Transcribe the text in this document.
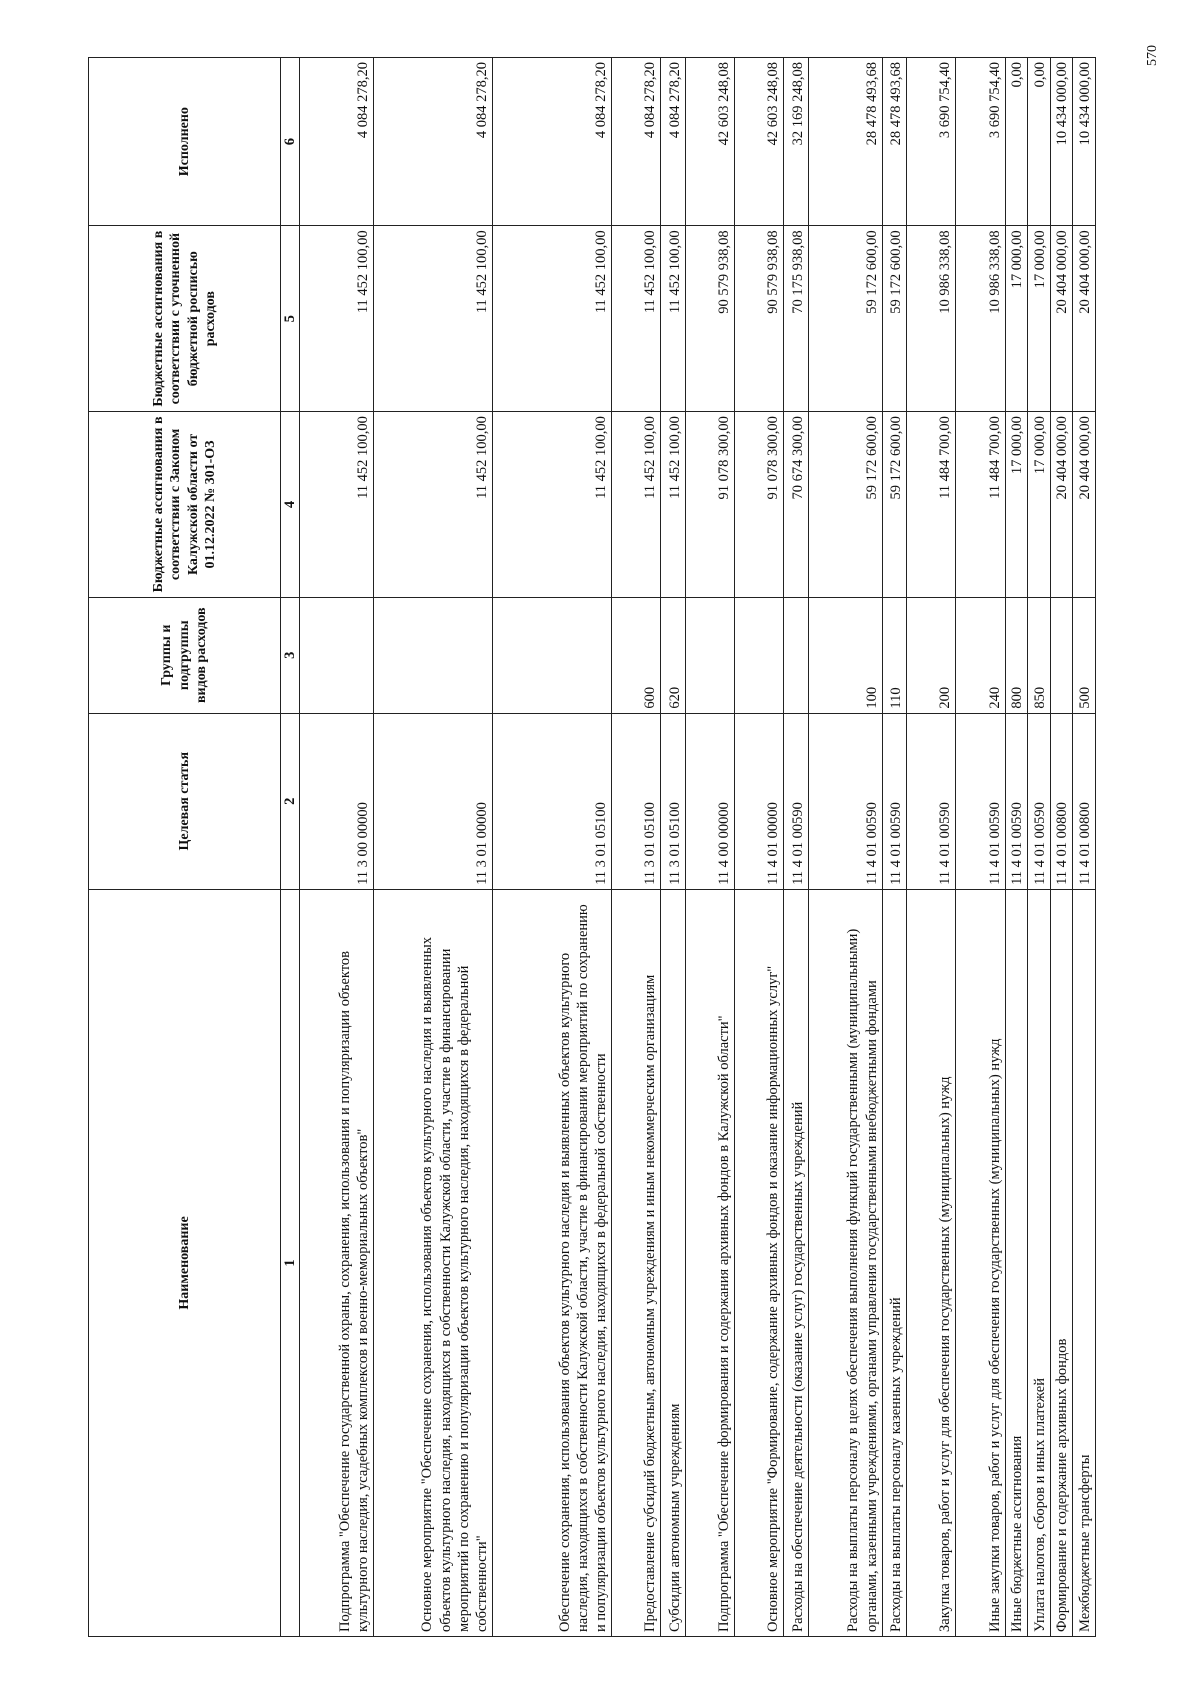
570
Наименование	Целевая статья	Группы и подгруппы видов расходов	Бюджетные ассигнования в соответствии с Законом Калужской области от 01.12.2022 № 301-ОЗ	Бюджетные ассигнования в соответствии с уточненной бюджетной росписью расходов	Исполнено
1	2	3	4	5	6
Подпрограмма "Обеспечение государственной охраны, сохранения, использования и популяризации объектов культурного наследия, усадебных комплексов и военно-мемориальных объектов"	11 3 00 00000		11 452 100,00	11 452 100,00	4 084 278,20
Основное мероприятие "Обеспечение сохранения, использования объектов культурного наследия и выявленных объектов культурного наследия, находящихся в собственности Калужской области, участие в финансировании мероприятий по сохранению и популяризации объектов культурного наследия, находящихся в федеральной собственности"	11 3 01 00000		11 452 100,00	11 452 100,00	4 084 278,20
Обеспечение сохранения, использования объектов культурного наследия и выявленных объектов культурного наследия, находящихся в собственности Калужской области, участие в финансировании мероприятий по сохранению и популяризации объектов культурного наследия, находящихся в федеральной собственности	11 3 01 05100		11 452 100,00	11 452 100,00	4 084 278,20
Предоставление субсидий бюджетным, автономным учреждениям и иным некоммерческим организациям	11 3 01 05100	600	11 452 100,00	11 452 100,00	4 084 278,20
Субсидии автономным учреждениям	11 3 01 05100	620	11 452 100,00	11 452 100,00	4 084 278,20
Подпрограмма "Обеспечение формирования и содержания архивных фондов в Калужской области"	11 4 00 00000		91 078 300,00	90 579 938,08	42 603 248,08
Основное мероприятие "Формирование, содержание архивных фондов и оказание информационных услуг"	11 4 01 00000		91 078 300,00	90 579 938,08	42 603 248,08
Расходы на обеспечение деятельности (оказание услуг) государственных учреждений	11 4 01 00590		70 674 300,00	70 175 938,08	32 169 248,08
Расходы на выплаты персоналу в целях обеспечения выполнения функций государственными (муниципальными) органами, казенными учреждениями, органами управления государственными внебюджетными фондами	11 4 01 00590	100	59 172 600,00	59 172 600,00	28 478 493,68
Расходы на выплаты персоналу казенных учреждений	11 4 01 00590	110	59 172 600,00	59 172 600,00	28 478 493,68
Закупка товаров, работ и услуг для обеспечения государственных (муниципальных) нужд	11 4 01 00590	200	11 484 700,00	10 986 338,08	3 690 754,40
Иные закупки товаров, работ и услуг для обеспечения государственных (муниципальных) нужд	11 4 01 00590	240	11 484 700,00	10 986 338,08	3 690 754,40
Иные бюджетные ассигнования	11 4 01 00590	800	17 000,00	17 000,00	0,00
Уплата налогов, сборов и иных платежей	11 4 01 00590	850	17 000,00	17 000,00	0,00
Формирование и содержание архивных фондов	11 4 01 00800		20 404 000,00	20 404 000,00	10 434 000,00
Межбюджетные трансферты	11 4 01 00800	500	20 404 000,00	20 404 000,00	10 434 000,00
